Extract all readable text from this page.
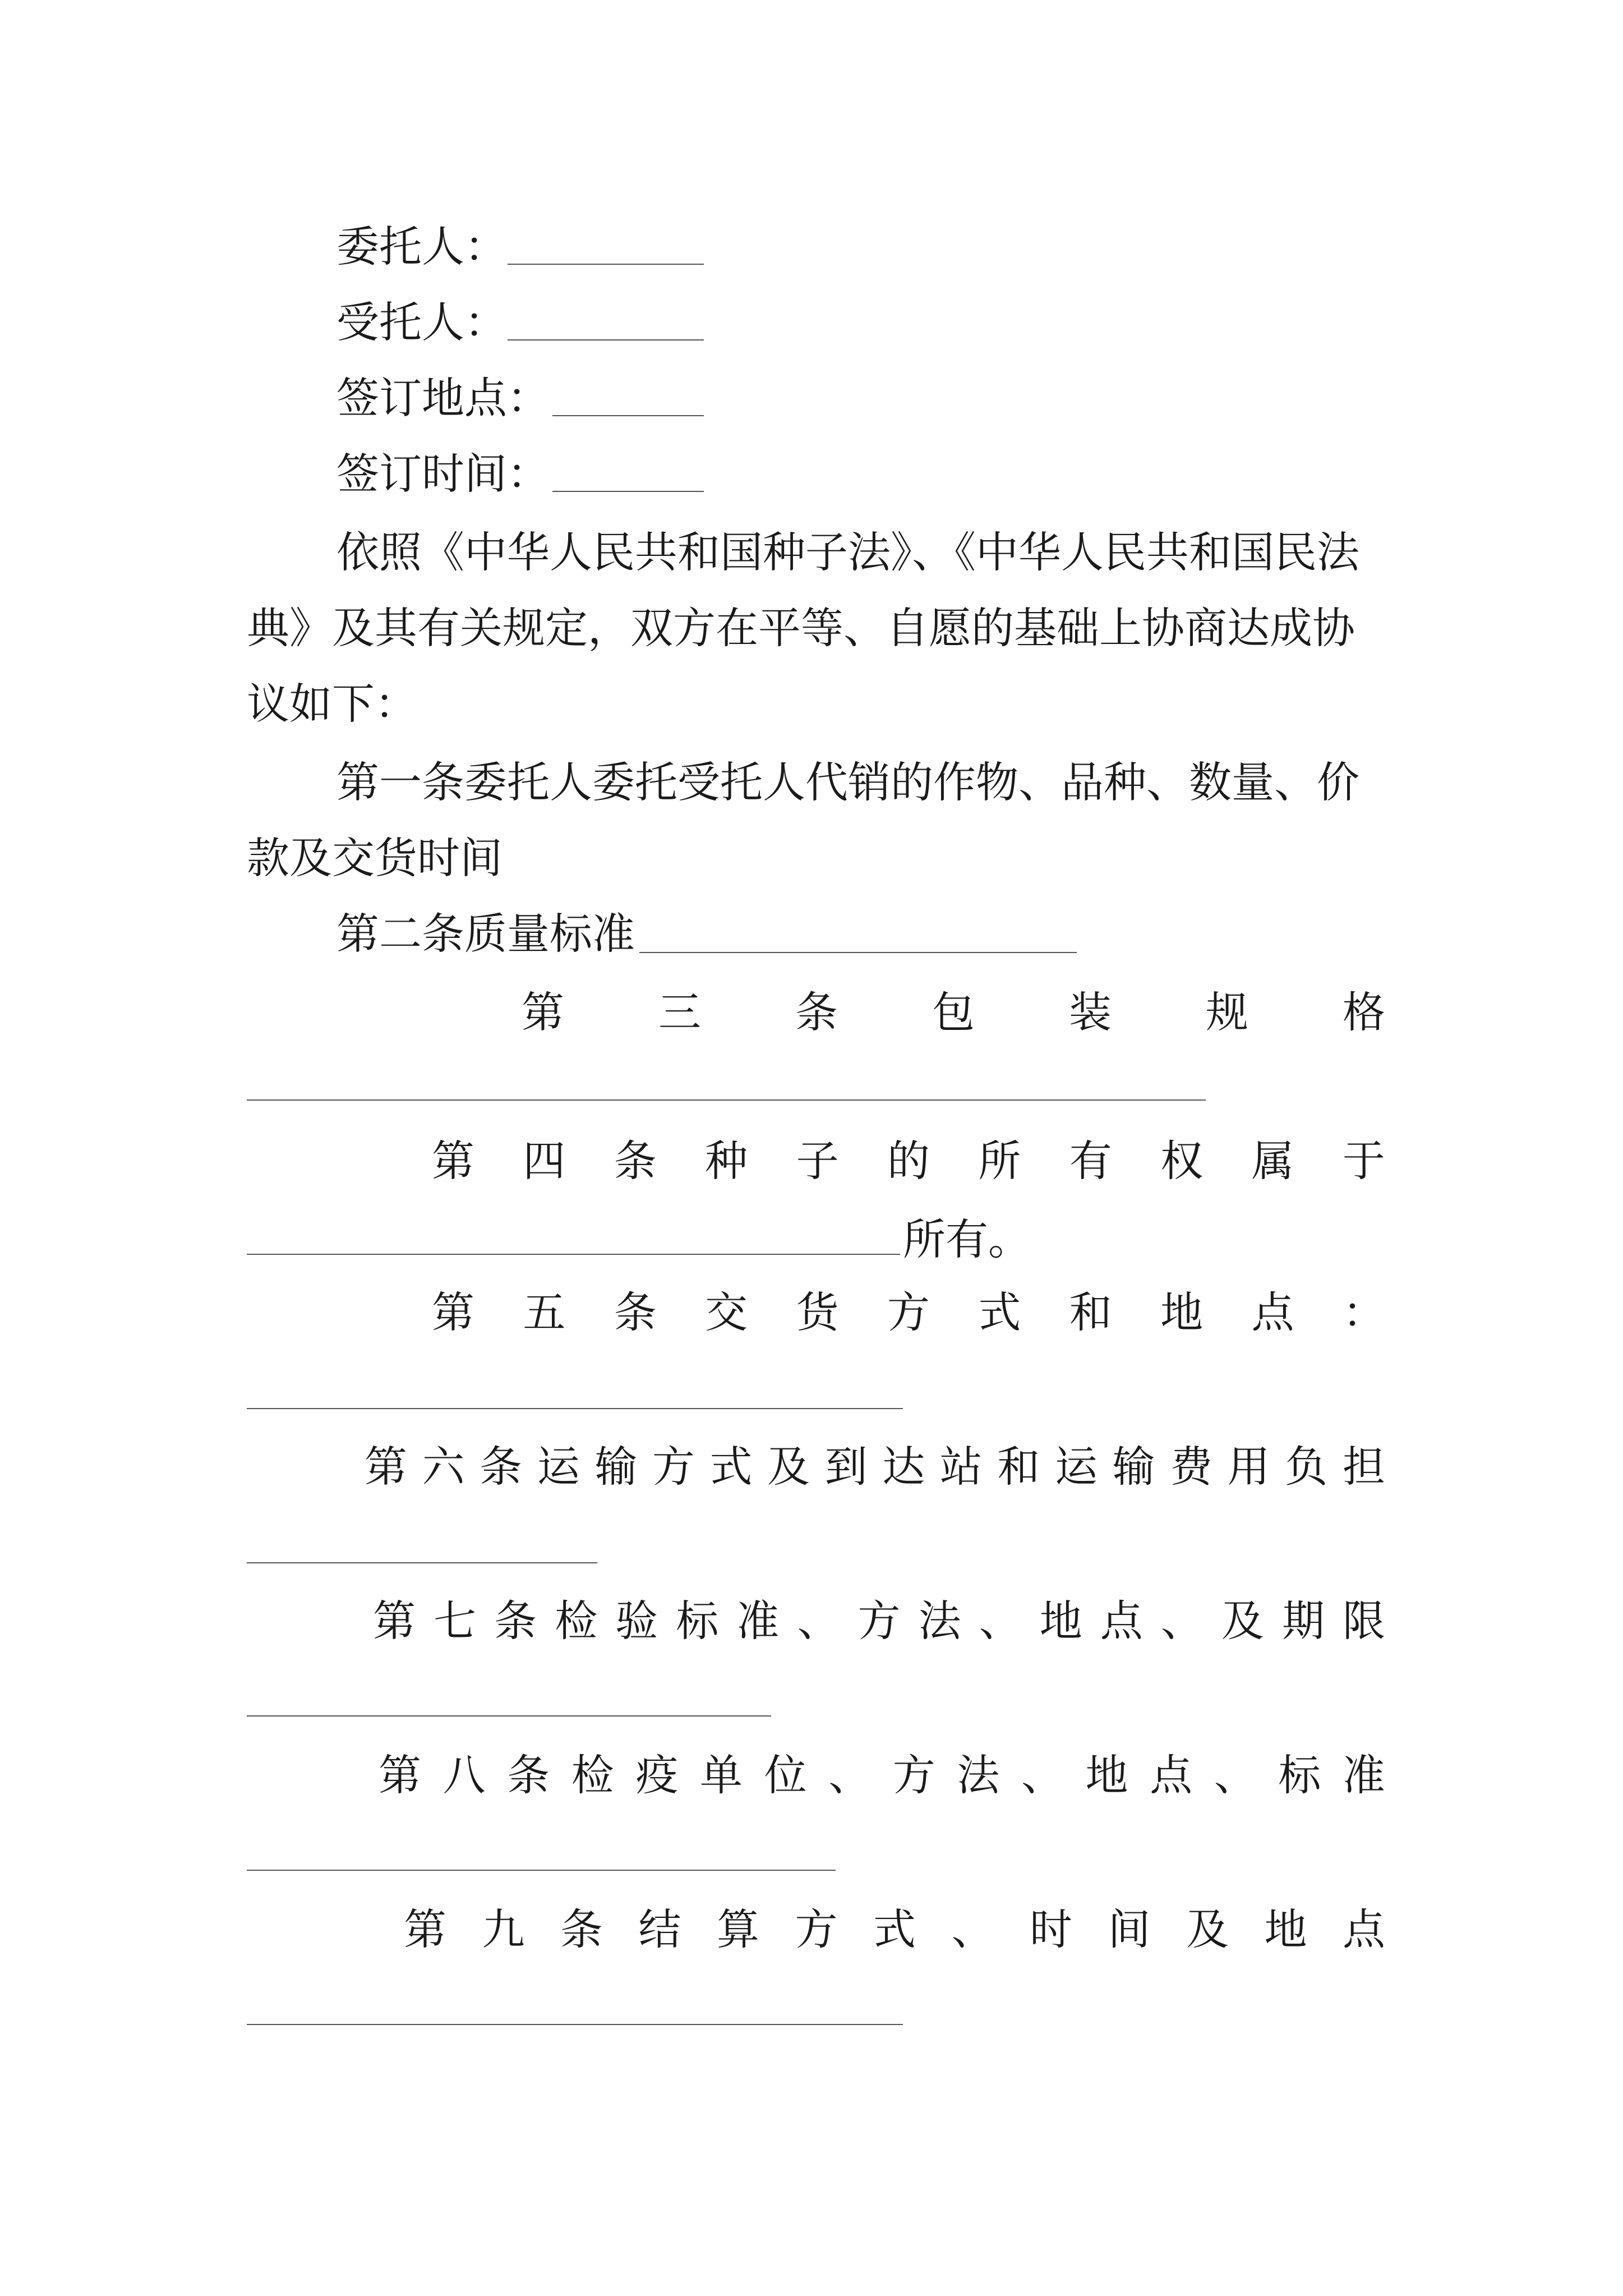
委托人：
受托人：
签订地点：
签订时间：
依照《中华人民共和国种子法》、《中华人民共和国民法
典》及其有关规定，双方在平等、自愿的基础上协商达成协
议如下：
第一条委托人委托受托人代销的作物、品种、数量、价
款及交货时间
第二条质量标准
第 三 条 包 装 规 格
第 四 条 种 子 的 所 有 权 属 于
所有。
第 五 条 交 货 方 式 和 地 点 ：
第 六 条 运 输 方 式 及 到 达 站 和 运 输 费 用 负 担
第 七 条 检 验 标 准 、 方 法 、 地 点 、 及 期 限
第 八 条 检 疫 单 位 、 方 法 、 地 点 、 标 准
第 九 条 结 算 方 式 、 时 间 及 地 点
